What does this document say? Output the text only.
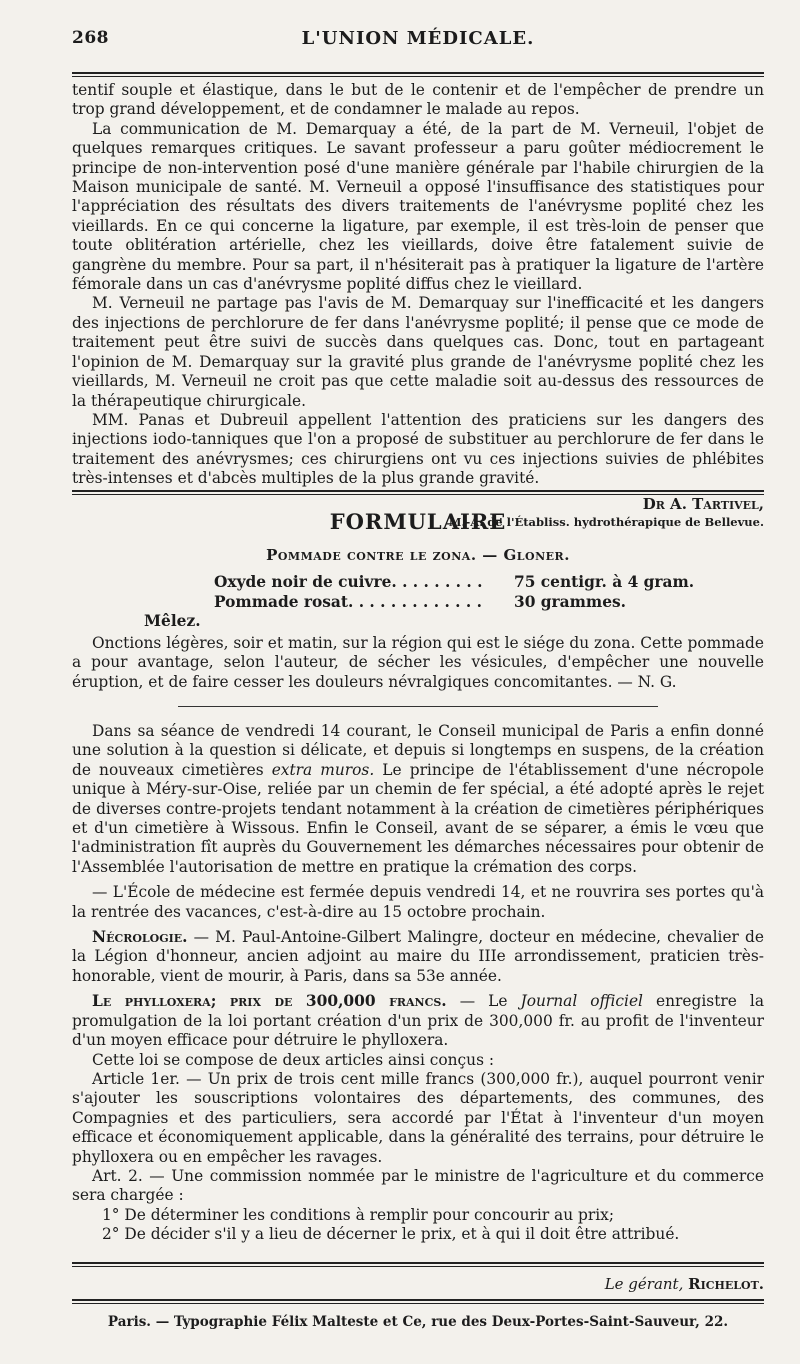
268	L'UNION MÉDICALE.

tentif souple et élastique, dans le but de le contenir et de l'empêcher de prendre un trop grand développement, et de condamner le malade au repos.

La communication de M. Demarquay a été, de la part de M. Verneuil, l'objet de quelques remarques critiques. Le savant professeur a paru goûter médiocrement le principe de non-intervention posé d'une manière générale par l'habile chirurgien de la Maison municipale de santé. M. Verneuil a opposé l'insuffisance des statistiques pour l'appréciation des résultats des divers traitements de l'anévrysme poplité chez les vieillards. En ce qui concerne la ligature, par exemple, il est très-loin de penser que toute oblitération artérielle, chez les vieillards, doive être fatalement suivie de gangrène du membre. Pour sa part, il n'hésiterait pas à pratiquer la ligature de l'artère fémorale dans un cas d'anévrysme poplité diffus chez le vieillard.

M. Verneuil ne partage pas l'avis de M. Demarquay sur l'inefficacité et les dangers des injections de perchlorure de fer dans l'anévrysme poplité; il pense que ce mode de traitement peut être suivi de succès dans quelques cas. Donc, tout en partageant l'opinion de M. Demarquay sur la gravité plus grande de l'anévrysme poplité chez les vieillards, M. Verneuil ne croit pas que cette maladie soit au-dessus des ressources de la thérapeutique chirurgicale.

MM. Panas et Dubreuil appellent l'attention des praticiens sur les dangers des injections iodo-tanniques que l'on a proposé de substituer au perchlorure de fer dans le traitement des anévrysmes; ces chirurgiens ont vu ces injections suivies de phlébites très-intenses et d'abcès multiples de la plus grande gravité.

Dr A. Tartivel,
M.-A. de l'Établiss. hydrothérapique de Bellevue.
FORMULAIRE
Pommade contre le zona. — Gloner.
Oxyde noir de cuivre. . . . . . . . .	75 centigr. à 4 gram.
Pommade rosat. . . . . . . . . . . . .	30 grammes.
Mêlez.

Onctions légères, soir et matin, sur la région qui est le siége du zona. Cette pommade a pour avantage, selon l'auteur, de sécher les vésicules, d'empêcher une nouvelle éruption, et de faire cesser les douleurs névralgiques concomitantes. — N. G.

Dans sa séance de vendredi 14 courant, le Conseil municipal de Paris a enfin donné une solution à la question si délicate, et depuis si longtemps en suspens, de la création de nouveaux cimetières extra muros. Le principe de l'établissement d'une nécropole unique à Méry-sur-Oise, reliée par un chemin de fer spécial, a été adopté après le rejet de diverses contre-projets tendant notamment à la création de cimetières périphériques et d'un cimetière à Wissous. Enfin le Conseil, avant de se séparer, a émis le vœu que l'administration fît auprès du Gouvernement les démarches nécessaires pour obtenir de l'Assemblée l'autorisation de mettre en pratique la crémation des corps.

— L'École de médecine est fermée depuis vendredi 14, et ne rouvrira ses portes qu'à la rentrée des vacances, c'est-à-dire au 15 octobre prochain.

Nécrologie. — M. Paul-Antoine-Gilbert Malingre, docteur en médecine, chevalier de la Légion d'honneur, ancien adjoint au maire du IIIe arrondissement, praticien très-honorable, vient de mourir, à Paris, dans sa 53e année.

Le phylloxera; prix de 300,000 francs. — Le Journal officiel enregistre la promulgation de la loi portant création d'un prix de 300,000 fr. au profit de l'inventeur d'un moyen efficace pour détruire le phylloxera.

Cette loi se compose de deux articles ainsi conçus :

Article 1er. — Un prix de trois cent mille francs (300,000 fr.), auquel pourront venir s'ajouter les souscriptions volontaires des départements, des communes, des Compagnies et des particuliers, sera accordé par l'État à l'inventeur d'un moyen efficace et économiquement applicable, dans la généralité des terrains, pour détruire le phylloxera ou en empêcher les ravages.

Art. 2. — Une commission nommée par le ministre de l'agriculture et du commerce sera chargée :

1° De déterminer les conditions à remplir pour concourir au prix;

2° De décider s'il y a lieu de décerner le prix, et à qui il doit être attribué.

Le gérant, Richelot.
Paris. — Typographie Félix Malteste et Ce, rue des Deux-Portes-Saint-Sauveur, 22.
